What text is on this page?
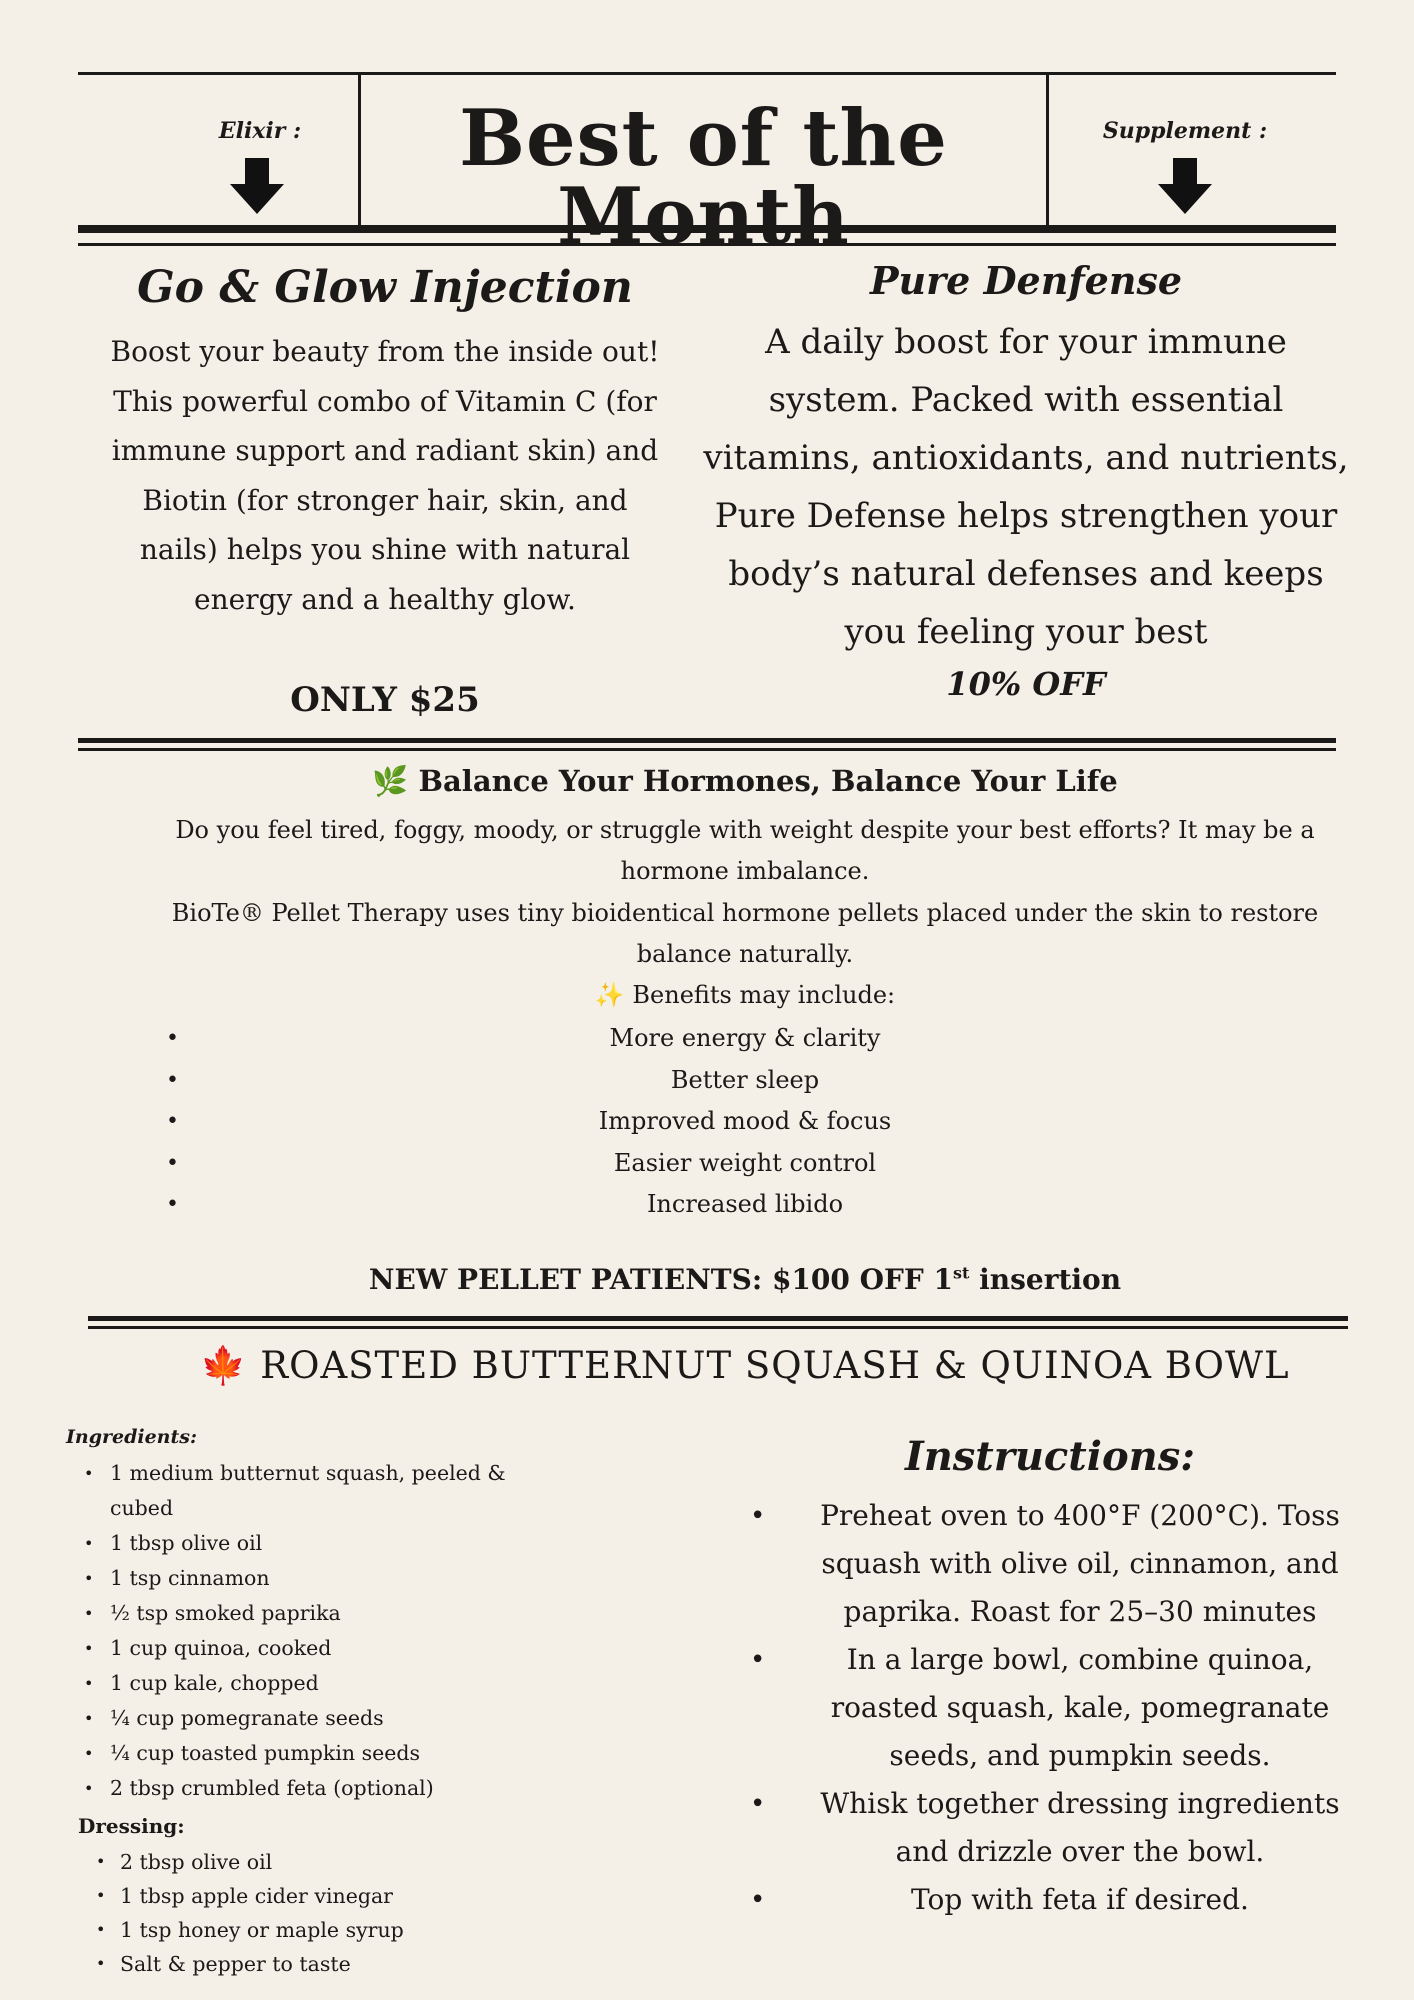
Elixir :	Best of the Month
Supplement :
Go & Glow Injection
Boost your beauty from the inside out! This powerful combo of Vitamin C (for immune support and radiant skin) and Biotin (for stronger hair, skin, and nails) helps you shine with natural energy and a healthy glow.
ONLY $25
Pure Denfense
A daily boost for your immune system. Packed with essential vitamins, antioxidants, and nutrients, Pure Defense helps strengthen your body’s natural defenses and keeps you feeling your best
10% OFF
🌿 Balance Your Hormones, Balance Your Life
Do you feel tired, foggy, moody, or struggle with weight despite your best efforts? It may be a hormone imbalance.
BioTe® Pellet Therapy uses tiny bioidentical hormone pellets placed under the skin to restore balance naturally.
✨ Benefits may include:
•	More energy & clarity
•	Better sleep
•	Improved mood & focus
•	Easier weight control
•	Increased libido
NEW PELLET PATIENTS: $100 OFF 1st insertion
🍁 ROASTED BUTTERNUT SQUASH & QUINOA BOWL
Ingredients:
• 1 medium butternut squash, peeled & cubed
• 1 tbsp olive oil
• 1 tsp cinnamon
• ½ tsp smoked paprika
• 1 cup quinoa, cooked
• 1 cup kale, chopped
• ¼ cup pomegranate seeds
• ¼ cup toasted pumpkin seeds
• 2 tbsp crumbled feta (optional)
Dressing:
• 2 tbsp olive oil
• 1 tbsp apple cider vinegar
• 1 tsp honey or maple syrup
• Salt & pepper to taste
Instructions:
• Preheat oven to 400°F (200°C). Toss squash with olive oil, cinnamon, and paprika. Roast for 25–30 minutes
•	In a large bowl, combine quinoa, roasted squash, kale, pomegranate seeds, and pumpkin seeds.
• Whisk together dressing ingredients and drizzle over the bowl.
•	Top with feta if desired.
